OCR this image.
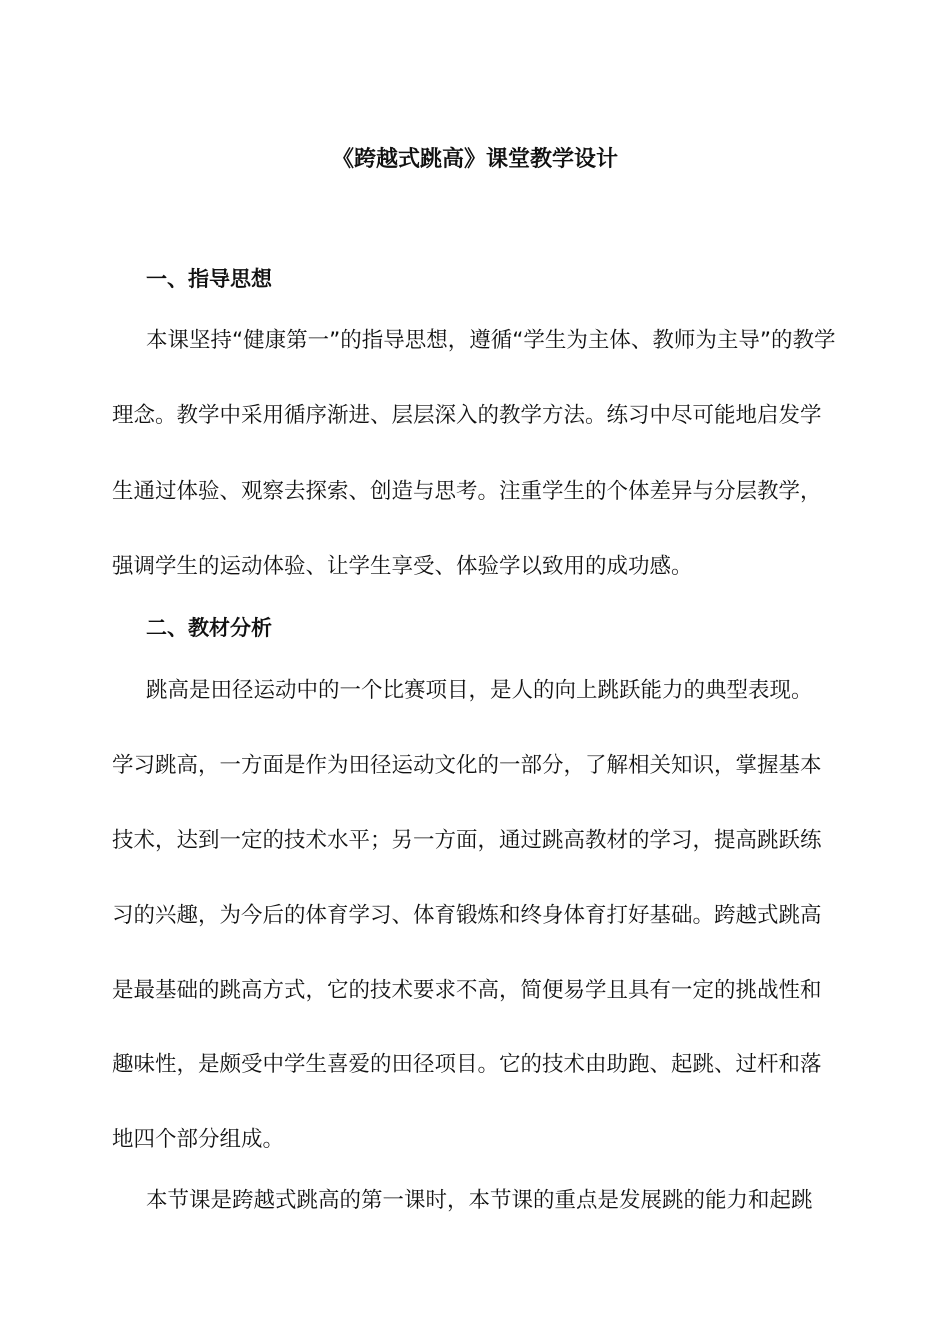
《跨越式跳高》课堂教学设计
一、指导思想
本课坚持“健康第一”的指导思想，遵循“学生为主体、教师为主导”的教学
理念。教学中采用循序渐进、层层深入的教学方法。练习中尽可能地启发学
生通过体验、观察去探索、创造与思考。注重学生的个体差异与分层教学，
强调学生的运动体验、让学生享受、体验学以致用的成功感。
二、教材分析
跳高是田径运动中的一个比赛项目，是人的向上跳跃能力的典型表现。
学习跳高，一方面是作为田径运动文化的一部分，了解相关知识，掌握基本
技术，达到一定的技术水平；另一方面，通过跳高教材的学习，提高跳跃练
习的兴趣，为今后的体育学习、体育锻炼和终身体育打好基础。跨越式跳高
是最基础的跳高方式，它的技术要求不高，简便易学且具有一定的挑战性和
趣味性，是颇受中学生喜爱的田径项目。它的技术由助跑、起跳、过杆和落
地四个部分组成。
本节课是跨越式跳高的第一课时，本节课的重点是发展跳的能力和起跳
